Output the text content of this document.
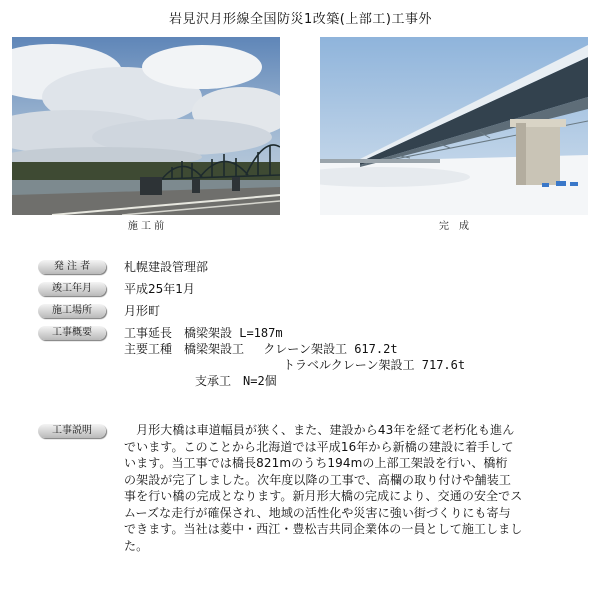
岩見沢月形線全国防災1改築(上部工)工事外
施 工 前	完　成
発 注 者	札幌建設管理部
竣工年月	平成25年1月
施工場所	月形町
工事概要	工事延長　橋梁架設 L=187m
主要工種　橋梁架設工　 クレーン架設工 617.2t
トラベルクレーン架設工 717.6t
支承工　N=2個
工事説明	　月形大橋は車道幅員が狭く、また、建設から43年を経て老朽化も進ん
でいます。このことから北海道では平成16年から新橋の建設に着手して
います。当工事では橋長821mのうち194mの上部工架設を行い、橋桁
の架設が完了しました。次年度以降の工事で、高欄の取り付けや舗装工
事を行い橋の完成となります。新月形大橋の完成により、交通の安全でス
ムーズな走行が確保され、地域の活性化や災害に強い街づくりにも寄与
できます。当社は菱中・西江・豊松吉共同企業体の一員として施工しまし
た。
